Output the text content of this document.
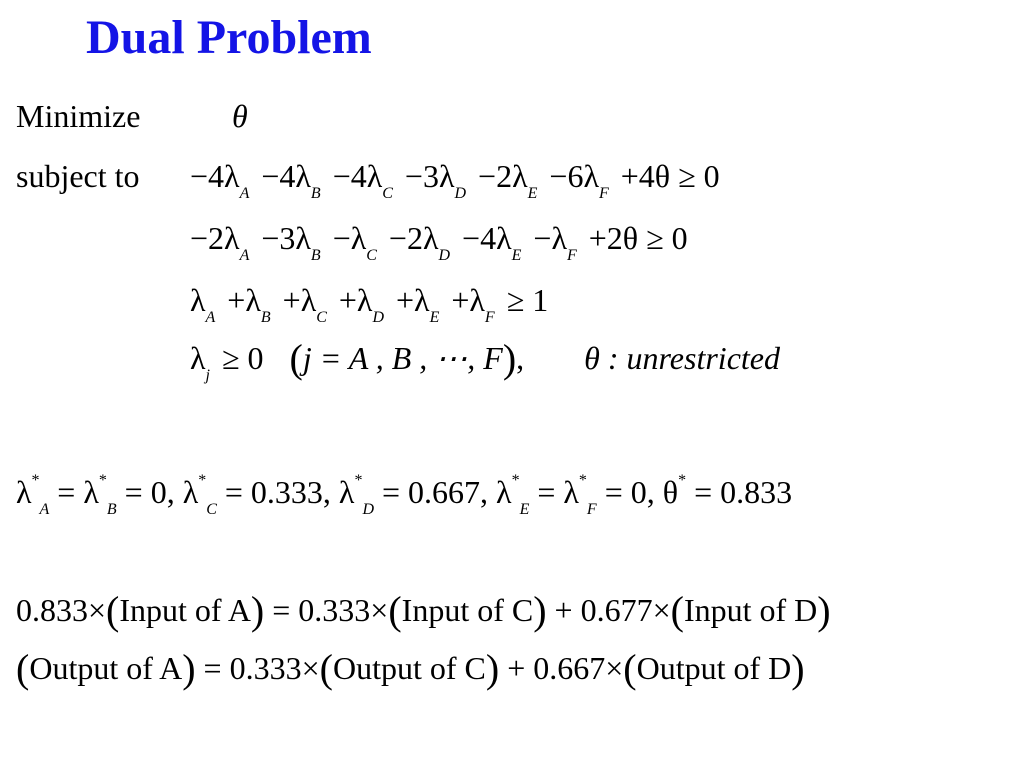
Dual Problem
Minimize	θ
subject to $-4\lambda_A -4\lambda_B -4\lambda_C -3\lambda_D -2\lambda_E -6\lambda_F +4\theta \ge 0$
$-2\lambda_A -3\lambda_B -\lambda_C -2\lambda_D -4\lambda_E -\lambda_F +2\theta \ge 0$
$\lambda_A +\lambda_B +\lambda_C +\lambda_D +\lambda_E +\lambda_F \ge 1$
$\lambda_j \ge 0$ (j = A , B , ⋯, F), θ : unrestricted
$\lambda^*_A = \lambda^*_B = 0$, $\lambda^*_C = 0.333$, $\lambda^*_D = 0.667$, $\lambda^*_E = \lambda^*_F = 0$, θ* = 0.833
0.833×(Input of A) = 0.333×(Input of C) + 0.677×(Input of D)
(Output of A) = 0.333×(Output of C) + 0.667×(Output of D)
